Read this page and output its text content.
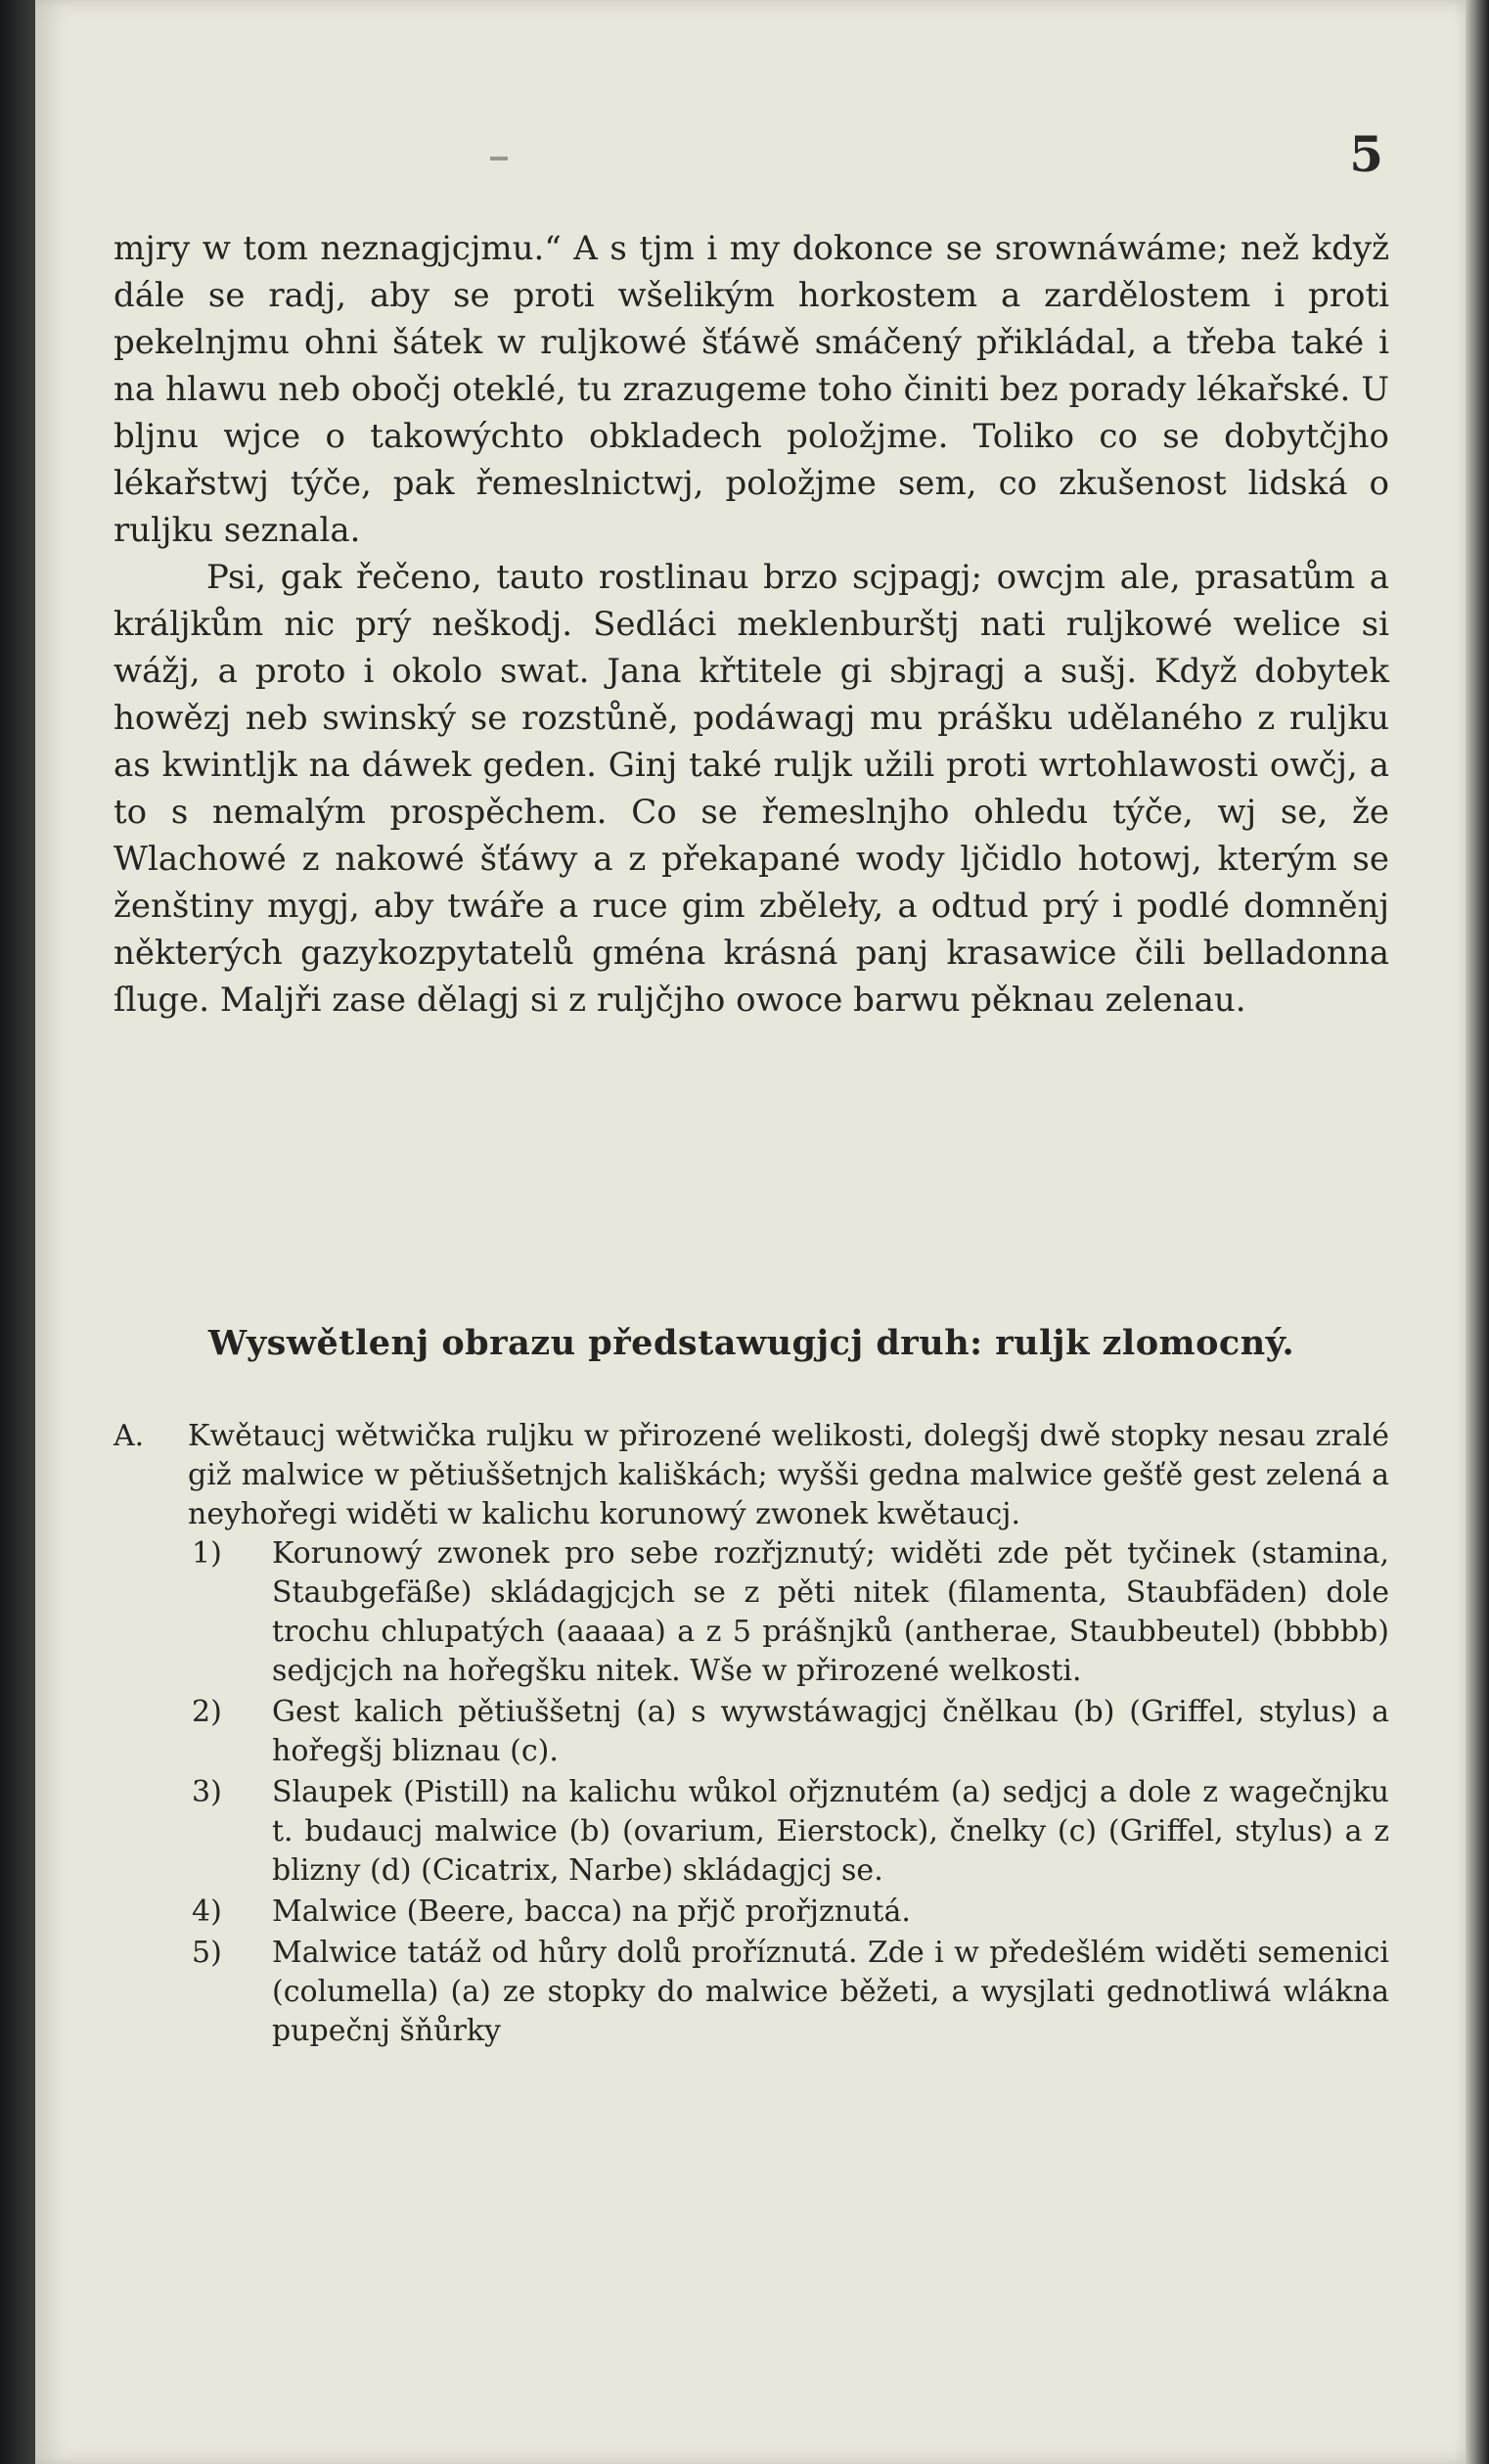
5

mjry w tom neznagjcjmu.“ A s tjm i my dokonce se srownáwáme; než když dále se radj, aby se proti wšelikým horkostem a zardělostem i proti pekelnjmu ohni šátek w ruljkowé šťáwě smáčený přikládal, a třeba také i na hlawu neb obočj oteklé, tu zrazugeme toho činiti bez porady lékařské. U bljnu wjce o takowýchto obkladech položjme. Toliko co se dobytčjho lékařstwj týče, pak řemeslnictwj, položjme sem, co zkušenost lidská o ruljku seznala.

Psi, gak řečeno, tauto rostlinau brzo scjpagj; owcjm ale, prasatům a králjkům nic prý neškodj. Sedláci meklenburštj nati ruljkowé welice si wážj, a proto i okolo swat. Jana křtitele gi sbjragj a sušj. Když dobytek howězj neb swinský se rozstůně, podáwagj mu prášku udělaného z ruljku as kwintljk na dáwek geden. Ginj také ruljk užili proti wrtohlawosti owčj, a to s nemalým prospěchem. Co se řemeslnjho ohledu týče, wj se, že Wlachowé z nakowé šťáwy a z překapané wody ljčidlo hotowj, kterým se ženštiny mygj, aby twáře a ruce gim zběleły, a odtud prý i podlé domněnj některých gazykozpytatelů gména krásná panj krasawice čili belladonna ſluge. Maljři zase dělagj si z ruljčjho owoce barwu pěknau zelenau.

Wyswětlenj obrazu předstawugjcj druh: ruljk zlomocný.
A. Kwětaucj wětwička ruljku w přirozené welikosti, dolegšj dwě stopky nesau zralé giž malwice w pětiuššetnjch kališkách; wyšši gedna malwice gešťě gest zelená a neyhořegi widěti w kalichu korunowý zwonek kwětaucj.
1) Korunowý zwonek pro sebe rozřjznutý; widěti zde pět tyčinek (stamina, Staubgefäße) skládagjcjch se z pěti nitek (filamenta, Staubfäden) dole trochu chlupatých (aaaaa) a z 5 prášnjků (antherae, Staubbeutel) (bbbbb) sedjcjch na hořegšku nitek. Wše w přirozené welkosti.
2) Gest kalich pětiuššetnj (a) s wywstáwagjcj čnělkau (b) (Griffel, stylus) a hořegšj bliznau (c).
3) Slaupek (Pistill) na kalichu wůkol ořjznutém (a) sedjcj a dole z wagečnjku t. budaucj malwice (b) (ovarium, Eierstock), čnelky (c) (Griffel, stylus) a z blizny (d) (Cicatrix, Narbe) skládagjcj se.
4) Malwice (Beere, bacca) na přjč prořjznutá.
5) Malwice tatáž od hůry dolů proříznutá. Zde i w předešlém widěti semenici (columella) (a) ze stopky do malwice běžeti, a wysjlati gednotliwá wlákna pupečnj šňůrky
